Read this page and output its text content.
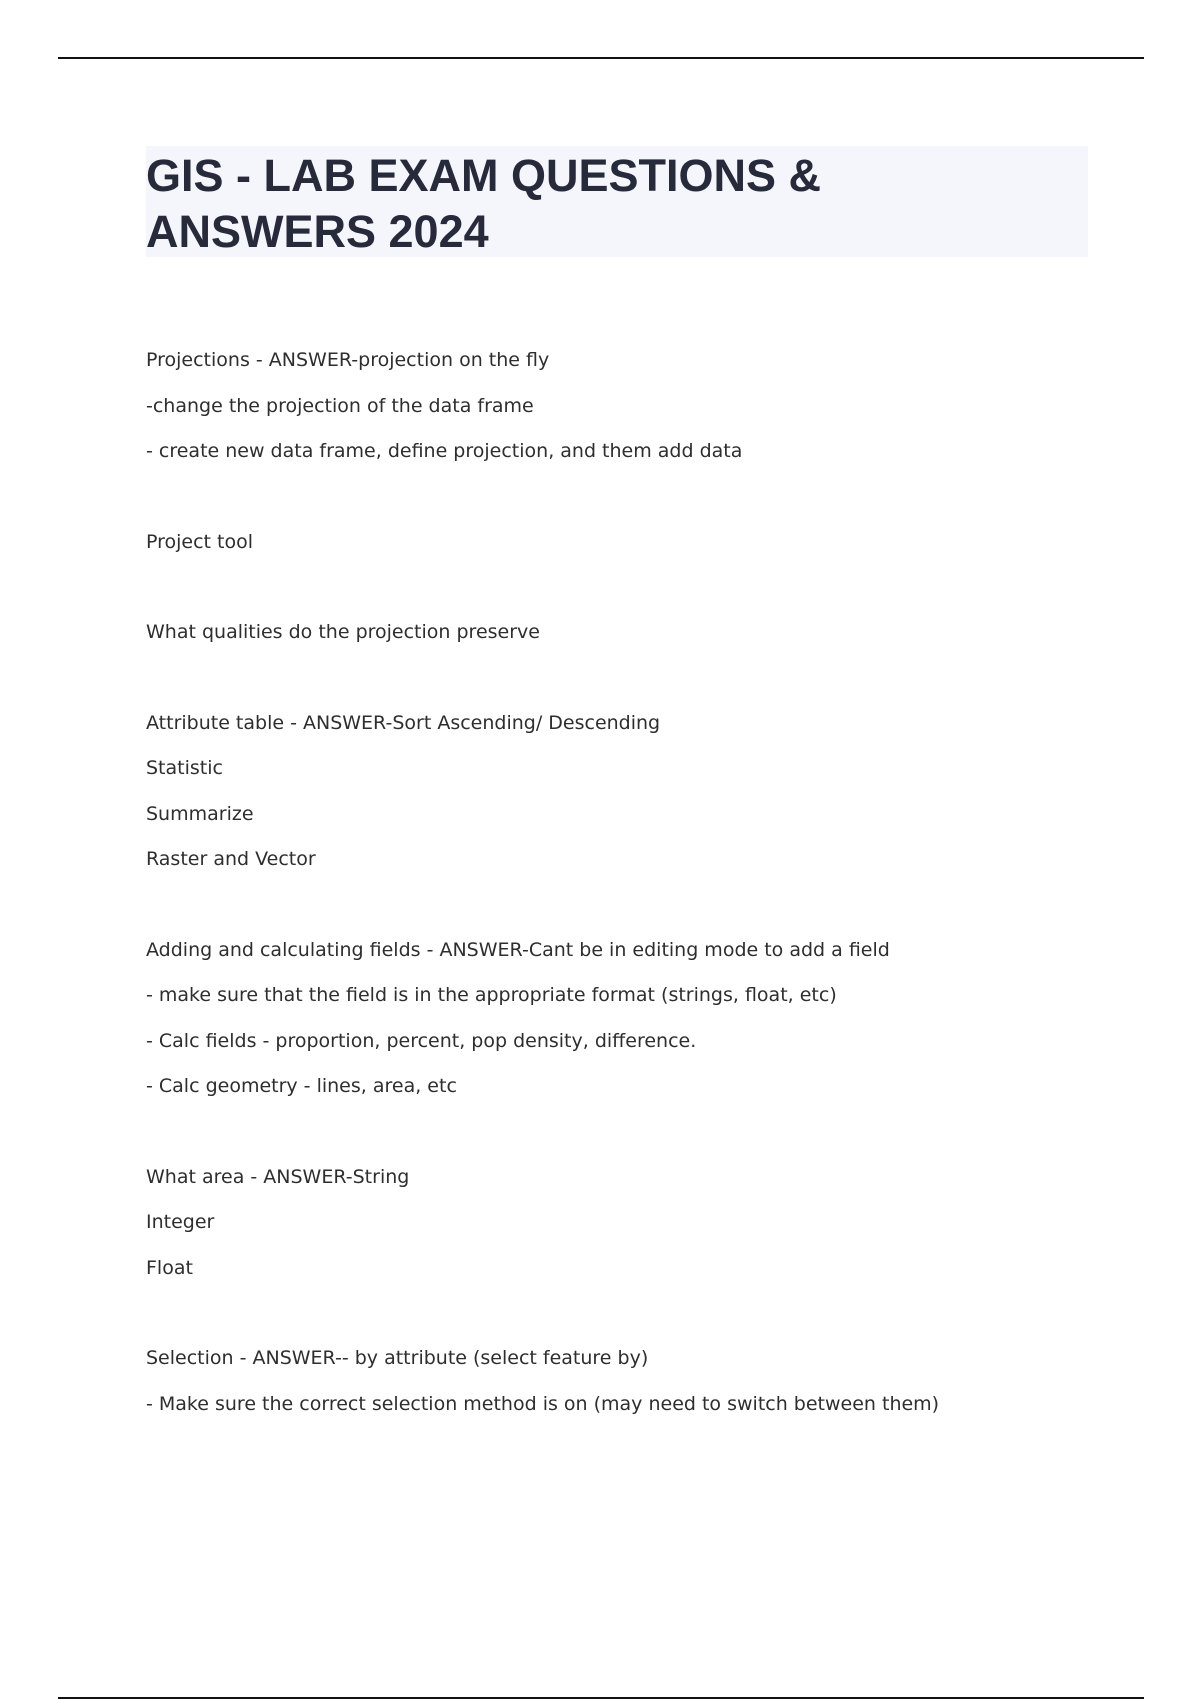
GIS - LAB EXAM QUESTIONS & ANSWERS 2024
Projections - ANSWER-projection on the fly
-change the projection of the data frame
- create new data frame, define projection, and them add data
Project tool
What qualities do the projection preserve
Attribute table - ANSWER-Sort Ascending/ Descending
Statistic
Summarize
Raster and Vector
Adding and calculating fields - ANSWER-Cant be in editing mode to add a field
- make sure that the field is in the appropriate format (strings, float, etc)
- Calc fields - proportion, percent, pop density, difference.
- Calc geometry - lines, area, etc
What area - ANSWER-String
Integer
Float
Selection - ANSWER-- by attribute (select feature by)
- Make sure the correct selection method is on (may need to switch between them)
